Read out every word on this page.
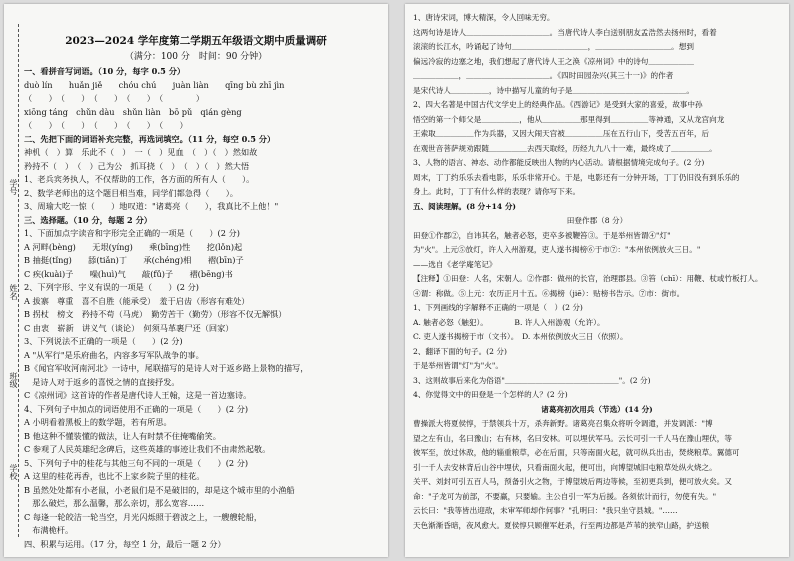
学号
姓名
班级
学校
2023—2024 学年度第二学期五年级语文期中质量调研
（满分：100 分　时间：90 分钟）
一、看拼音写词语。（10 分，每字 0.5 分）
duò lín　　huǎn jiě　　chóu chú　　juàn liàn　　qīng bù zhī jìn
（　　）　（　　）　（　　）　（　　）　（　　　　）
xiōng táng　chǔn dàu　shǔn liàn　bō pǔ　qián gèng
（　　）　（　　）　（　　）　（　　）　（　　）
二、先把下面的词语补充完整，再选词填空。（11 分，每空 0.5 分）
神机（　）算　乐此不（　）　一（　）见血　（　）（　）然如故
矜持不（　）　（　）己为公　抓耳挠（　）　（　）（　）然大悟
1、老兵宾务执人，不仅帮助的工作，各方面的所有人（　　）。
2、数学老师出的这个题目相当难，同学们都急得（　　）。
3、周瑜大吃一惊（　　）地叹道："诸葛亮（　　），我真比不上他！"
三、选择题。（10 分，每题 2 分）
1、下面加点字读音和字形完全正确的一项是（　　）(2 分)
A 河畔(bèng)　　无垠(yíng)　　乘(bīng)性　　挖(lǒn)起
B 抽挺(tǐng)　　舔(tiǎn)丁　　承(chéng)相　　褶(bīn)子
C 疾(kuài)子　　噪(huì)气　　敲(fǔ)子　　褶(bēng)书
2、下列字形、字义有误的一项是（　　）(2 分)
A 拔寨　尊重　喜不自胜（能承受）　羞于启齿（形容有难处）
B 拐杖　榜文　矜持不苟（马虎）　勤劳苦干（勤劳）（形容不仅无解惧）
C 由衷　崭新　讲义气（谈论）　何须马革裹尸还（回家）
3、下列说法不正确的一项是（　　）(2 分)
A "从军行"是乐府曲名，内容多写军队战争的事。
B《闻官军收河南河北》一诗中，尾联描写的是诗人对于返乡路上景物的描写，
　是诗人对于返乡的喜悦之情的直接抒发。
C《凉州词》这首诗的作者是唐代诗人王翰，这是一首边塞诗。
4、下列句子中加点的词语使用不正确的一项是（　　）(2 分)
A 小明看着黑板上的数学题，若有所思。
B 他这种不懂装懂的做法，让人有时禁不住掩嘴偷笑。
C 参观了人民英雄纪念碑后，这些英雄的事迹让我们不由肃然起敬。
5、下列句子中的桂花与其他三句不同的一项是（　　）(2 分)
A 这里的桂花再香，也比不上家乡院子里的桂花。
B 虽然处处都有小老鼠，小老鼠们是不是破旧的，却是这个城市里的小渔船
　那么破烂，那么温馨，那么亲切，那么宽容……
C 每逢一轮皎洁一轮当空，月光闪烁照于碧波之上，一艘艘轮船，
　布满桅杆。
四、积累与运用。（17 分，每空 1 分，最后一题 2 分）
1、唐诗宋词，博大精深，令人回味无穷。
这两句诗是诗人＿＿＿＿＿＿＿＿＿＿＿。当唐代诗人李白送别朋友孟浩然去扬州时，看着
滚滚的长江水，吟诵起了诗句＿＿＿＿＿＿＿＿＿＿，＿＿＿＿＿＿＿＿＿＿。想到
偏远冷寂的边塞之地，我们想起了唐代诗人王之涣《凉州词》中的诗句＿＿＿＿＿＿
＿＿＿＿＿＿，＿＿＿＿＿＿＿＿＿＿＿。《四时田园杂兴(其三十一)》的作者
是宋代诗人＿＿＿＿＿，诗中描写儿童的句子是＿＿＿＿＿＿＿＿＿＿＿＿＿＿＿。
2、四大名著是中国古代文学史上的经典作品。《西游记》是受到大家的喜爱，故事中孙
悟空的第一个师父是＿＿＿＿＿，他从＿＿＿＿＿那里得到＿＿＿＿＿等神通，又从龙宫向龙
王索取＿＿＿＿＿作为兵器，又因大闹天宫被＿＿＿＿＿压在五行山下，受苦五百年，后
在观世音菩萨规劝跟随＿＿＿＿＿去西天取经，历经九九八十一难，最终成了＿＿＿＿＿。
3、人物的语言、神态、动作都能反映出人物的内心活动。请根据情境完成句子。(2 分)
周末，丁丁约乐乐去看电影，乐乐非常开心。于是，电影还有一分钟开场，丁丁仍旧没有到乐乐的
身上。此时，丁丁有什么样的表现？请你写下来。
五、阅读理解。(8 分+14 分)
田登作郡（8 分）
田登①作郡②，自讳其名，触者必怒，吏卒多被鞭笞③。于是举州皆谓④"灯"
为"火"。上元⑤放灯，许人入州游观，吏人遂书揭榜⑥于市⑦："本州依例放火三日。"
——选自《老学庵笔记》
【注释】①田登：人名，宋朝人。②作郡：做州的长官，治理郡县。③笞（chī）：用鞭、杖或竹板打人。
④谓：称做。⑤上元：农历正月十五。⑥揭榜（jiē）：贴榜书告示。⑦市：街市。
1、下列画线的字解释不正确的一项是（　）(2 分)
A. 触者必怒（触犯）。　　　　B. 许人入州游观（允许）。
C. 吏人遂书揭榜于市（文书）。　D. 本州依例放火三日（依照）。
2、翻译下面的句子。(2 分)
于是举州皆谓"灯"为"火"。
3、这则故事后来化为俗语"＿＿＿＿＿＿＿＿＿＿＿＿＿＿＿"。(2 分)
4、你觉得文中的田登是一个怎样的人？(2 分)
诸葛亮初次用兵（节选）(14 分)
曹操派大将夏侯惇，于禁领兵十万，杀奔新野。诸葛亮召集众将听令调遣，并发调派："博
望之左有山，名曰豫山；右有林，名曰安林。可以埋伏军马。云长可引一千人马在豫山埋伏，等
彼军至，放过休敌，他的辎重粮草，必在后面，只等南面火起，就可纵兵出击，焚烧粮草。翼德可
引一千人去安林背后山谷中埋伏，只看南面火起，便可出，向博望城旧屯粮草处纵火烧之。
关平、刘封可引五百人马，预备引火之物，于博望坡后两边等候，至初更兵到，便可放火矣。又
命："子龙可为前部，不要赢，只要输。主公自引一军为后援。各须依计而行，勿使有失。"
云长曰："我等皆出迎敌，未审军师却作何事？"孔明曰："我只坐守县城。"……
天色渐渐昏暗，夜风愈大。夏侯惇只顾催军赶杀，行至两边都是芦苇的狭窄山路，护送粮
